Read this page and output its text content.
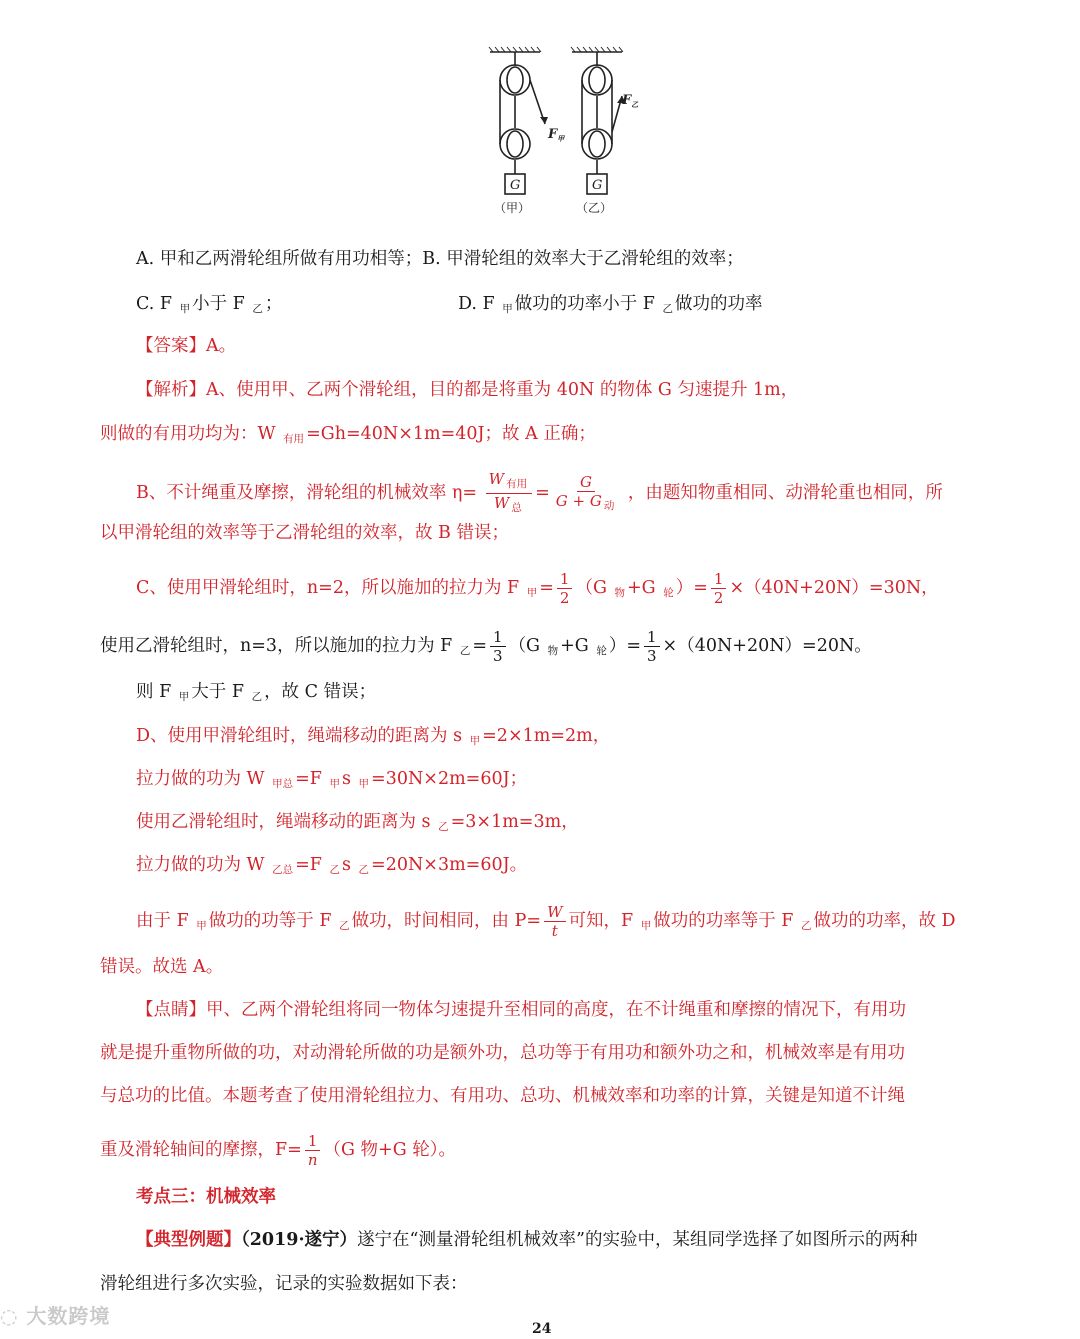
$F_甲$
$F_乙$
G	G
（甲）	（乙）
A. 甲和乙两滑轮组所做有用功相等；B. 甲滑轮组的效率大于乙滑轮组的效率；
C. F $_甲$ 小于 F $_乙$ ；	D. F $_甲$ 做功的功率小于 F $_乙$ 做功的功率
【答案】A。
【解析】A、使用甲、乙两个滑轮组，目的都是将重为 40N 的物体 G 匀速提升 1m，
则做的有用功均为：W $_{有用}$ =Gh=40N×1m=40J；故 A 正确；
B、不计绳重及摩擦，滑轮组的机械效率 $\eta= \frac{W _{有用}}{W _总} = \frac{G}{G + G _动}$ ，由题知物重相同、动滑轮重也相同，所
以甲滑轮组的效率等于乙滑轮组的效率，故 B 错误；
C、使用甲滑轮组时，n=2，所以施加的拉力为 F $_甲 = \frac{1}{2} (G$ $_物$ +G $_轮$ ）= $\frac{1}{2} \times(40N+20N)=30N$，
使用乙滑轮组时，n=3，所以施加的拉力为 F $_乙 = \frac{1}{3} (G$ $_物$ +G $_轮$ ）= $\frac{1}{3} \times(40N+20N)=20N$。
则 F $_甲$ 大于 F $_乙$ ，故 C 错误；
D、使用甲滑轮组时，绳端移动的距离为 s $_甲$ =2×1m=2m，
拉力做的功为 W $_{甲总}$ =F $_甲$ s $_甲$ =30N×2m=60J；
使用乙滑轮组时，绳端移动的距离为 s $_乙$ =3×1m=3m，
拉力做的功为 W $_{乙总}$ =F $_乙$ s $_乙$ =20N×3m=60J。
由于 F $_甲$ 做功的功等于 F $_乙$ 做功，时间相同，由 $P= \frac{W}{t}$ 可知，F $_甲$ 做功的功率等于 F $_乙$ 做功的功率，故 D
错误。故选 A。
【点睛】甲、乙两个滑轮组将同一物体匀速提升至相同的高度，在不计绳重和摩擦的情况下，有用功
就是提升重物所做的功，对动滑轮所做的功是额外功，总功等于有用功和额外功之和，机械效率是有用功
与总功的比值。本题考查了使用滑轮组拉力、有用功、总功、机械效率和功率的计算，关键是知道不计绳
重及滑轮轴间的摩擦，$F= \frac{1}{n} (G$ 物+G 轮）。
考点三：机械效率
【典型例题】（2019·遂宁）遂宁在“测量滑轮组机械效率”的实验中，某组同学选择了如图所示的两种
滑轮组进行多次实验，记录的实验数据如下表：
◌ 大数跨境
24
